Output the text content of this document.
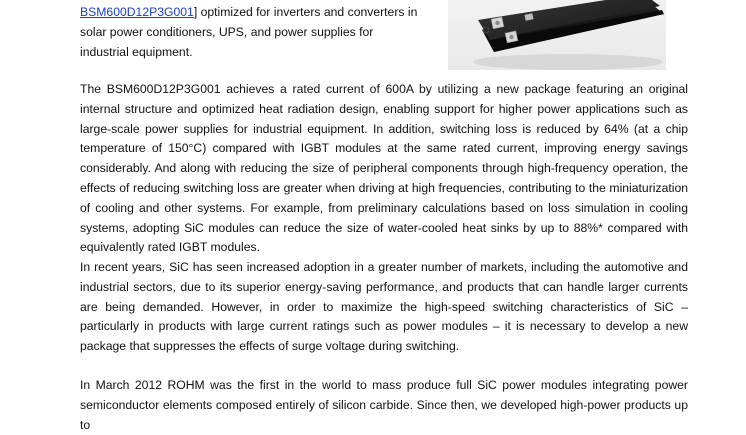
BSM600D12P3G001] optimized for inverters and converters in solar power conditioners, UPS, and power supplies for industrial equipment.

The BSM600D12P3G001 achieves a rated current of 600A by utilizing a new package featuring an original internal structure and optimized heat radiation design, enabling support for higher power applications such as large-scale power supplies for industrial equipment. In addition, switching loss is reduced by 64% (at a chip temperature of 150°C) compared with IGBT modules at the same rated current, improving energy savings considerably. And along with reducing the size of peripheral components through high-frequency operation, the effects of reducing switching loss are greater when driving at high frequencies, contributing to the miniaturization of cooling and other systems. For example, from preliminary calculations based on loss simulation in cooling systems, adopting SiC modules can reduce the size of water-cooled heat sinks by up to 88%* compared with equivalently rated IGBT modules.

In recent years, SiC has seen increased adoption in a greater number of markets, including the automotive and industrial sectors, due to its superior energy-saving performance, and products that can handle larger currents are being demanded. However, in order to maximize the high-speed switching characteristics of SiC – particularly in products with large current ratings such as power modules – it is necessary to develop a new package that suppresses the effects of surge voltage during switching.

In March 2012 ROHM was the first in the world to mass produce full SiC power modules integrating power semiconductor elements composed entirely of silicon carbide. Since then, we developed high-power products up to
